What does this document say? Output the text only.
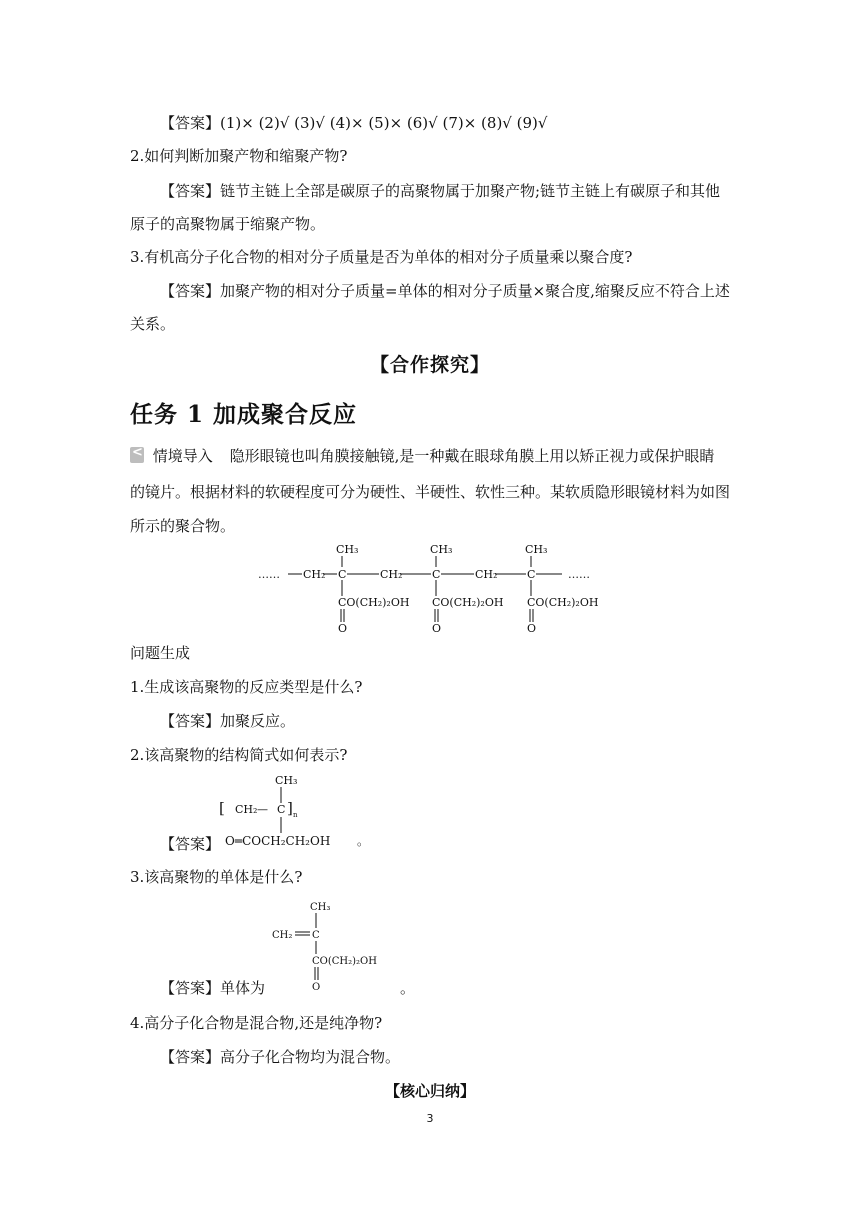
【答案】(1)× (2)√ (3)√ (4)× (5)× (6)√ (7)× (8)√ (9)√
2.如何判断加聚产物和缩聚产物?
【答案】链节主链上全部是碳原子的高聚物属于加聚产物;链节主链上有碳原子和其他
原子的高聚物属于缩聚产物。
3.有机高分子化合物的相对分子质量是否为单体的相对分子质量乘以聚合度?
【答案】加聚产物的相对分子质量=单体的相对分子质量×聚合度,缩聚反应不符合上述
关系。
【合作探究】
任务 1 加成聚合反应
< 情境导入 隐形眼镜也叫角膜接触镜,是一种戴在眼球角膜上用以矫正视力或保护眼睛
的镜片。根据材料的软硬程度可分为硬性、半硬性、软性三种。某软质隐形眼镜材料为如图
所示的聚合物。
……	……
CH₂	CH₂	CH₂
C	C	C
CH₃	CH₃	CH₃
CO(CH₂)₂OH CO(CH₂)₂OH CO(CH₂)₂OH
O	O	O
问题生成
1.生成该高聚物的反应类型是什么?
【答案】加聚反应。
2.该高聚物的结构简式如何表示?
CH₃
[ CH₂ — C ] n
O═COCH₂CH₂OH 。
【答案】
3.该高聚物的单体是什么?
CH₃
CH₂ C
CO(CH₂)₂OH
O
【答案】单体为	。
4.高分子化合物是混合物,还是纯净物?
【答案】高分子化合物均为混合物。
【核心归纳】
3
